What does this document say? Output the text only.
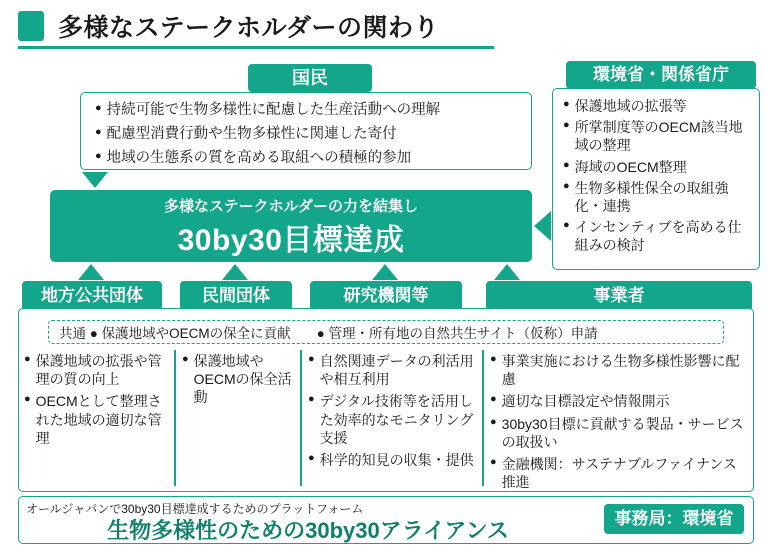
多様なステークホルダーの関わり
国民
● 持続可能で生物多様性に配慮した生産活動への理解
● 配慮型消費行動や生物多様性に関連した寄付
● 地域の生態系の質を高める取組への積極的参加
環境省・関係省庁
● 保護地域の拡張等
● 所掌制度等のOECM該当地域の整理
● 海域のOECM整理
● 生物多様性保全の取組強化・連携
● インセンティブを高める仕組みの検討
多様なステークホルダーの力を結集し
30by30目標達成
地方公共団体	民間団体	研究機関等	事業者
共通 ● 保護地域やOECMの保全に貢献 ● 管理・所有地の自然共生サイト（仮称）申請
● 保護地域の拡張や管理の質の向上
● OECMとして整理された地域の適切な管理
● 保護地域やOECMの保全活動
● 自然関連データの利活用や相互利用
● デジタル技術等を活用した効率的なモニタリング支援
● 科学的知見の収集・提供
● 事業実施における生物多様性影響に配慮
● 適切な目標設定や情報開示
● 30by30目標に貢献する製品・サービスの取扱い
● 金融機関：サステナブルファイナンス推進
オールジャパンで30by30目標達成するためのプラットフォーム
生物多様性のための30by30アライアンス	事務局：環境省
